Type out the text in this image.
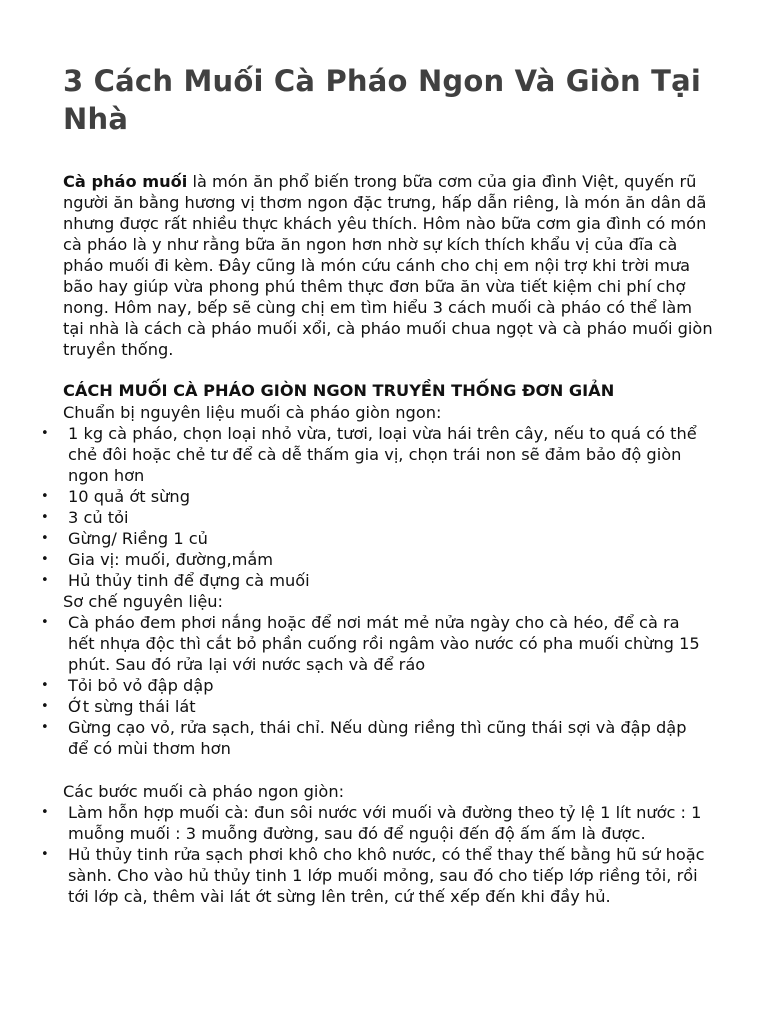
3 Cách Muối Cà Pháo Ngon Và Giòn Tại Nhà

Cà pháo muối là món ăn phổ biến trong bữa cơm của gia đình Việt, quyến rũ người ăn bằng hương vị thơm ngon đặc trưng, hấp dẫn riêng, là món ăn dân dã nhưng được rất nhiều thực khách yêu thích. Hôm nào bữa cơm gia đình có món cà pháo là y như rằng bữa ăn ngon hơn nhờ sự kích thích khẩu vị của đĩa cà pháo muối đi kèm. Đây cũng là món cứu cánh cho chị em nội trợ khi trời mưa bão hay giúp vừa phong phú thêm thực đơn bữa ăn vừa tiết kiệm chi phí chợ nong. Hôm nay, bếp sẽ cùng chị em tìm hiểu 3 cách muối cà pháo có thể làm tại nhà là cách cà pháo muối xổi, cà pháo muối chua ngọt và cà pháo muối giòn truyền thống.

CÁCH MUỐI CÀ PHÁO GIÒN NGON TRUYỀN THỐNG ĐƠN GIẢN

Chuẩn bị nguyên liệu muối cà pháo giòn ngon:

• 1 kg cà pháo, chọn loại nhỏ vừa, tươi, loại vừa hái trên cây, nếu to quá có thể chẻ đôi hoặc chẻ tư để cà dễ thấm gia vị, chọn trái non sẽ đảm bảo độ giòn ngon hơn
• 10 quả ớt sừng
• 3 củ tỏi
• Gừng/ Riềng 1 củ
• Gia vị: muối, đường,mắm
• Hủ thủy tinh để đựng cà muối

Sơ chế nguyên liệu:

• Cà pháo đem phơi nắng hoặc để nơi mát mẻ nửa ngày cho cà héo, để cà ra hết nhựa độc thì cắt bỏ phần cuống rồi ngâm vào nước có pha muối chừng 15 phút. Sau đó rửa lại với nước sạch và để ráo
• Tỏi bỏ vỏ đập dập
• Ớt sừng thái lát
• Gừng cạo vỏ, rửa sạch, thái chỉ. Nếu dùng riềng thì cũng thái sợi và đập dập để có mùi thơm hơn

Các bước muối cà pháo ngon giòn:

• Làm hỗn hợp muối cà: đun sôi nước với muối và đường theo tỷ lệ 1 lít nước : 1 muỗng muối : 3 muỗng đường, sau đó để nguội đến độ ấm ấm là được.
• Hủ thủy tinh rửa sạch phơi khô cho khô nước, có thể thay thế bằng hũ sứ hoặc sành. Cho vào hủ thủy tinh 1 lớp muối mỏng, sau đó cho tiếp lớp riềng tỏi, rồi tới lớp cà, thêm vài lát ớt sừng lên trên, cứ thế xếp đến khi đầy hủ.
